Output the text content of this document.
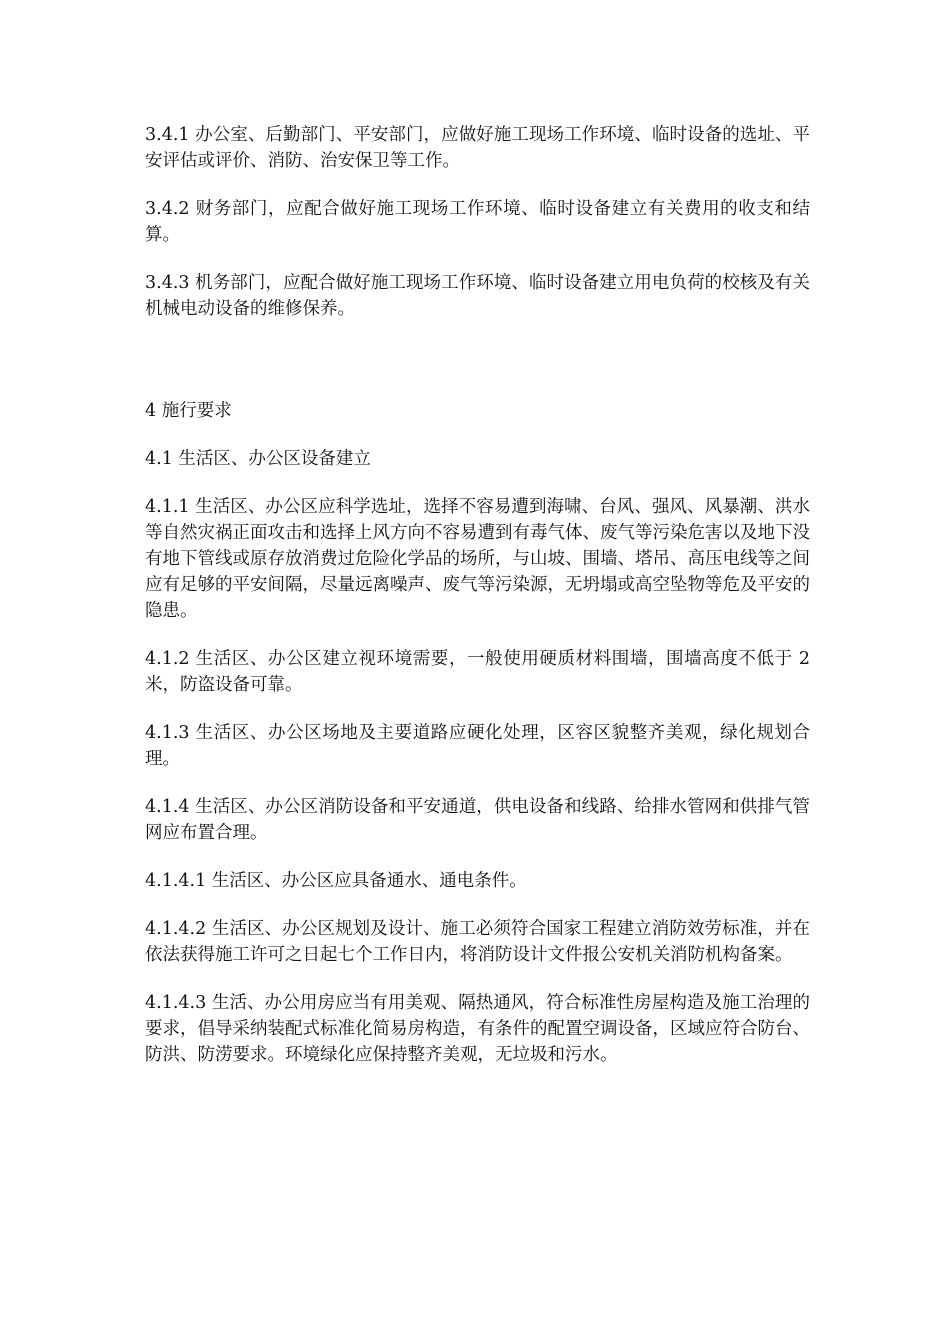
3.4.1 办公室、后勤部门、平安部门，应做好施工现场工作环境、临时设备的选址、平安评估或评价、消防、治安保卫等工作。

3.4.2 财务部门，应配合做好施工现场工作环境、临时设备建立有关费用的收支和结算。

3.4.3 机务部门，应配合做好施工现场工作环境、临时设备建立用电负荷的校核及有关机械电动设备的维修保养。

4 施行要求

4.1 生活区、办公区设备建立

4.1.1 生活区、办公区应科学选址，选择不容易遭到海啸、台风、强风、风暴潮、洪水等自然灾祸正面攻击和选择上风方向不容易遭到有毒气体、废气等污染危害以及地下没有地下管线或原存放消费过危险化学品的场所，与山坡、围墙、塔吊、高压电线等之间应有足够的平安间隔，尽量远离噪声、废气等污染源，无坍塌或高空坠物等危及平安的隐患。

4.1.2 生活区、办公区建立视环境需要，一般使用硬质材料围墙，围墙高度不低于 2 米，防盗设备可靠。

4.1.3 生活区、办公区场地及主要道路应硬化处理，区容区貌整齐美观，绿化规划合理。

4.1.4 生活区、办公区消防设备和平安通道，供电设备和线路、给排水管网和供排气管网应布置合理。

4.1.4.1 生活区、办公区应具备通水、通电条件。

4.1.4.2 生活区、办公区规划及设计、施工必须符合国家工程建立消防效劳标准，并在依法获得施工许可之日起七个工作日内，将消防设计文件报公安机关消防机构备案。

4.1.4.3 生活、办公用房应当有用美观、隔热通风，符合标准性房屋构造及施工治理的要求，倡导采纳装配式标准化简易房构造，有条件的配置空调设备，区域应符合防台、防洪、防涝要求。环境绿化应保持整齐美观，无垃圾和污水。
